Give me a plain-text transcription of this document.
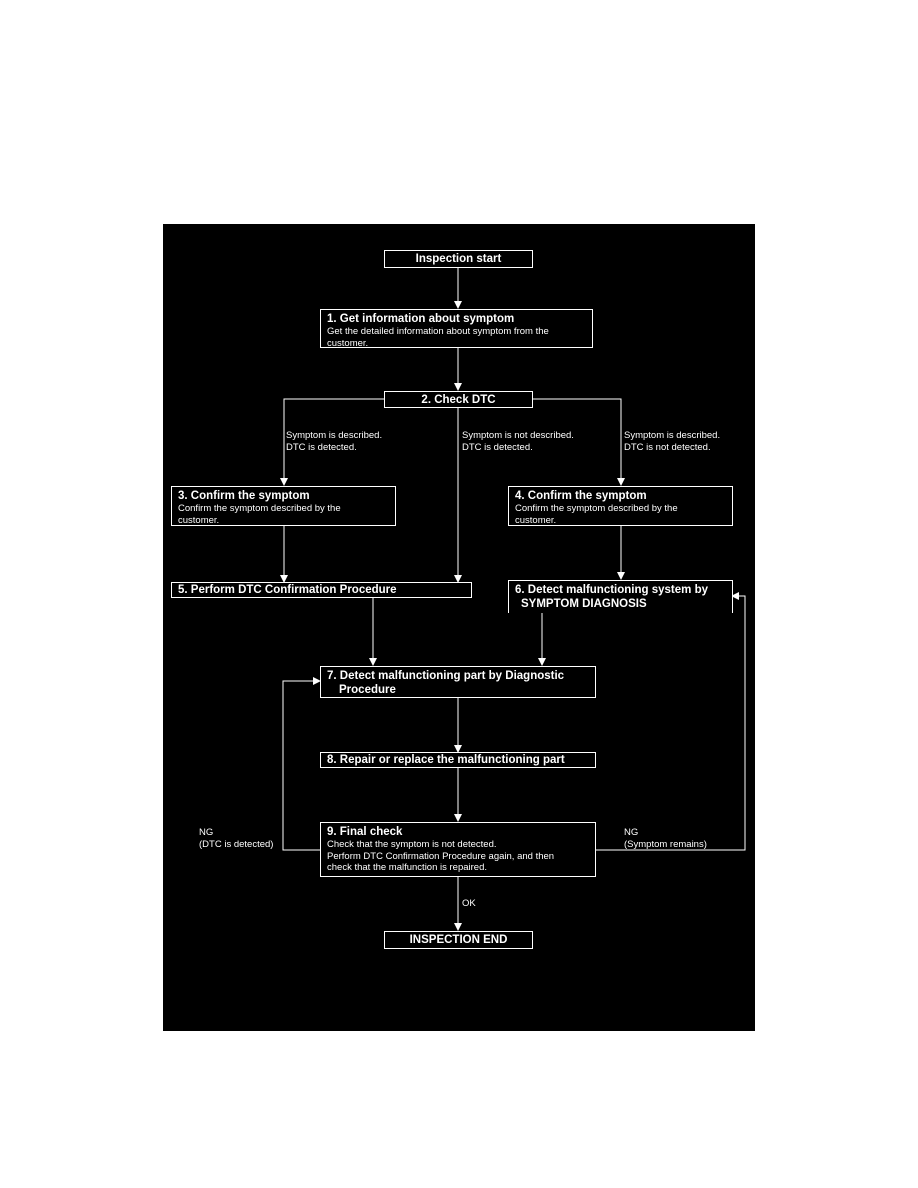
Inspection start
1. Get information about symptom
Get the detailed information about symptom from the
customer.
2. Check DTC
Symptom is described.
DTC is detected.
Symptom is not described.
DTC is detected.
Symptom is described.
DTC is not detected.
3. Confirm the symptom
Confirm the symptom described by the
customer.
4. Confirm the symptom
Confirm the symptom described by the
customer.
5. Perform DTC Confirmation Procedure	6. Detect malfunctioning system by
SYMPTOM DIAGNOSIS
7. Detect malfunctioning part by Diagnostic
Procedure
8. Repair or replace the malfunctioning part
9. Final check
Check that the symptom is not detected.
Perform DTC Confirmation Procedure again, and then
check that the malfunction is repaired.
NG
(DTC is detected)
NG
(Symptom remains)
OK
INSPECTION END
